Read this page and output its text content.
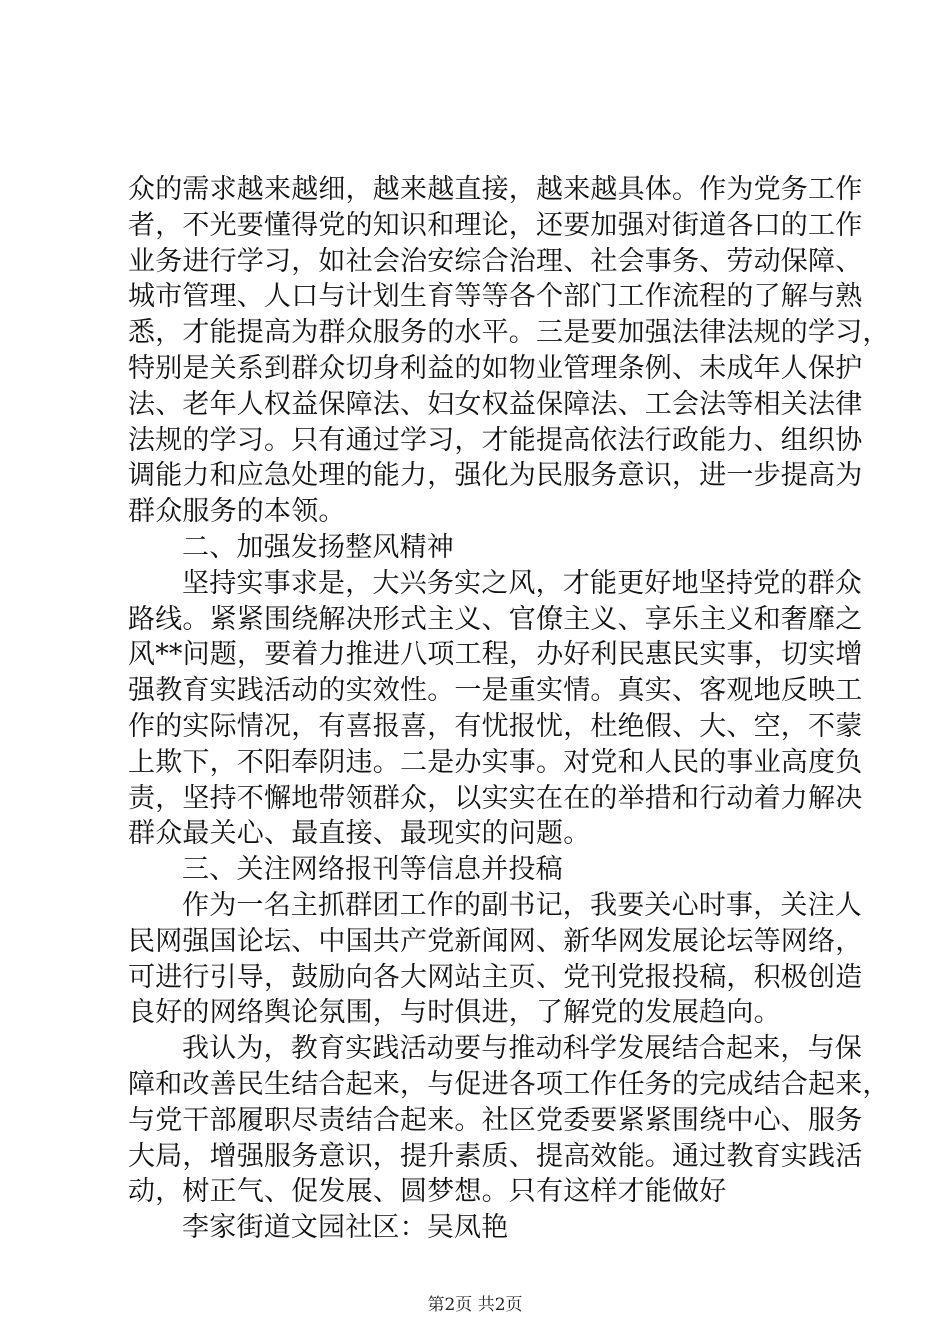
众的需求越来越细，越来越直接，越来越具体。作为党务工作
者，不光要懂得党的知识和理论，还要加强对街道各口的工作
业务进行学习，如社会治安综合治理、社会事务、劳动保障、
城市管理、人口与计划生育等等各个部门工作流程的了解与熟
悉，才能提高为群众服务的水平。三是要加强法律法规的学习，
特别是关系到群众切身利益的如物业管理条例、未成年人保护
法、老年人权益保障法、妇女权益保障法、工会法等相关法律
法规的学习。只有通过学习，才能提高依法行政能力、组织协
调能力和应急处理的能力，强化为民服务意识，进一步提高为
群众服务的本领。
二、加强发扬整风精神
坚持实事求是，大兴务实之风，才能更好地坚持党的群众
路线。紧紧围绕解决形式主义、官僚主义、享乐主义和奢靡之
风**问题，要着力推进八项工程，办好利民惠民实事，切实增
强教育实践活动的实效性。一是重实情。真实、客观地反映工
作的实际情况，有喜报喜，有忧报忧，杜绝假、大、空，不蒙
上欺下，不阳奉阴违。二是办实事。对党和人民的事业高度负
责，坚持不懈地带领群众，以实实在在的举措和行动着力解决
群众最关心、最直接、最现实的问题。
三、关注网络报刊等信息并投稿
作为一名主抓群团工作的副书记，我要关心时事，关注人
民网强国论坛、中国共产党新闻网、新华网发展论坛等网络，
可进行引导，鼓励向各大网站主页、党刊党报投稿，积极创造
良好的网络舆论氛围，与时俱进，了解党的发展趋向。
我认为，教育实践活动要与推动科学发展结合起来，与保
障和改善民生结合起来，与促进各项工作任务的完成结合起来，
与党干部履职尽责结合起来。社区党委要紧紧围绕中心、服务
大局，增强服务意识，提升素质、提高效能。通过教育实践活
动，树正气、促发展、圆梦想。只有这样才能做好
李家街道文园社区：吴凤艳
第2页 共2页
